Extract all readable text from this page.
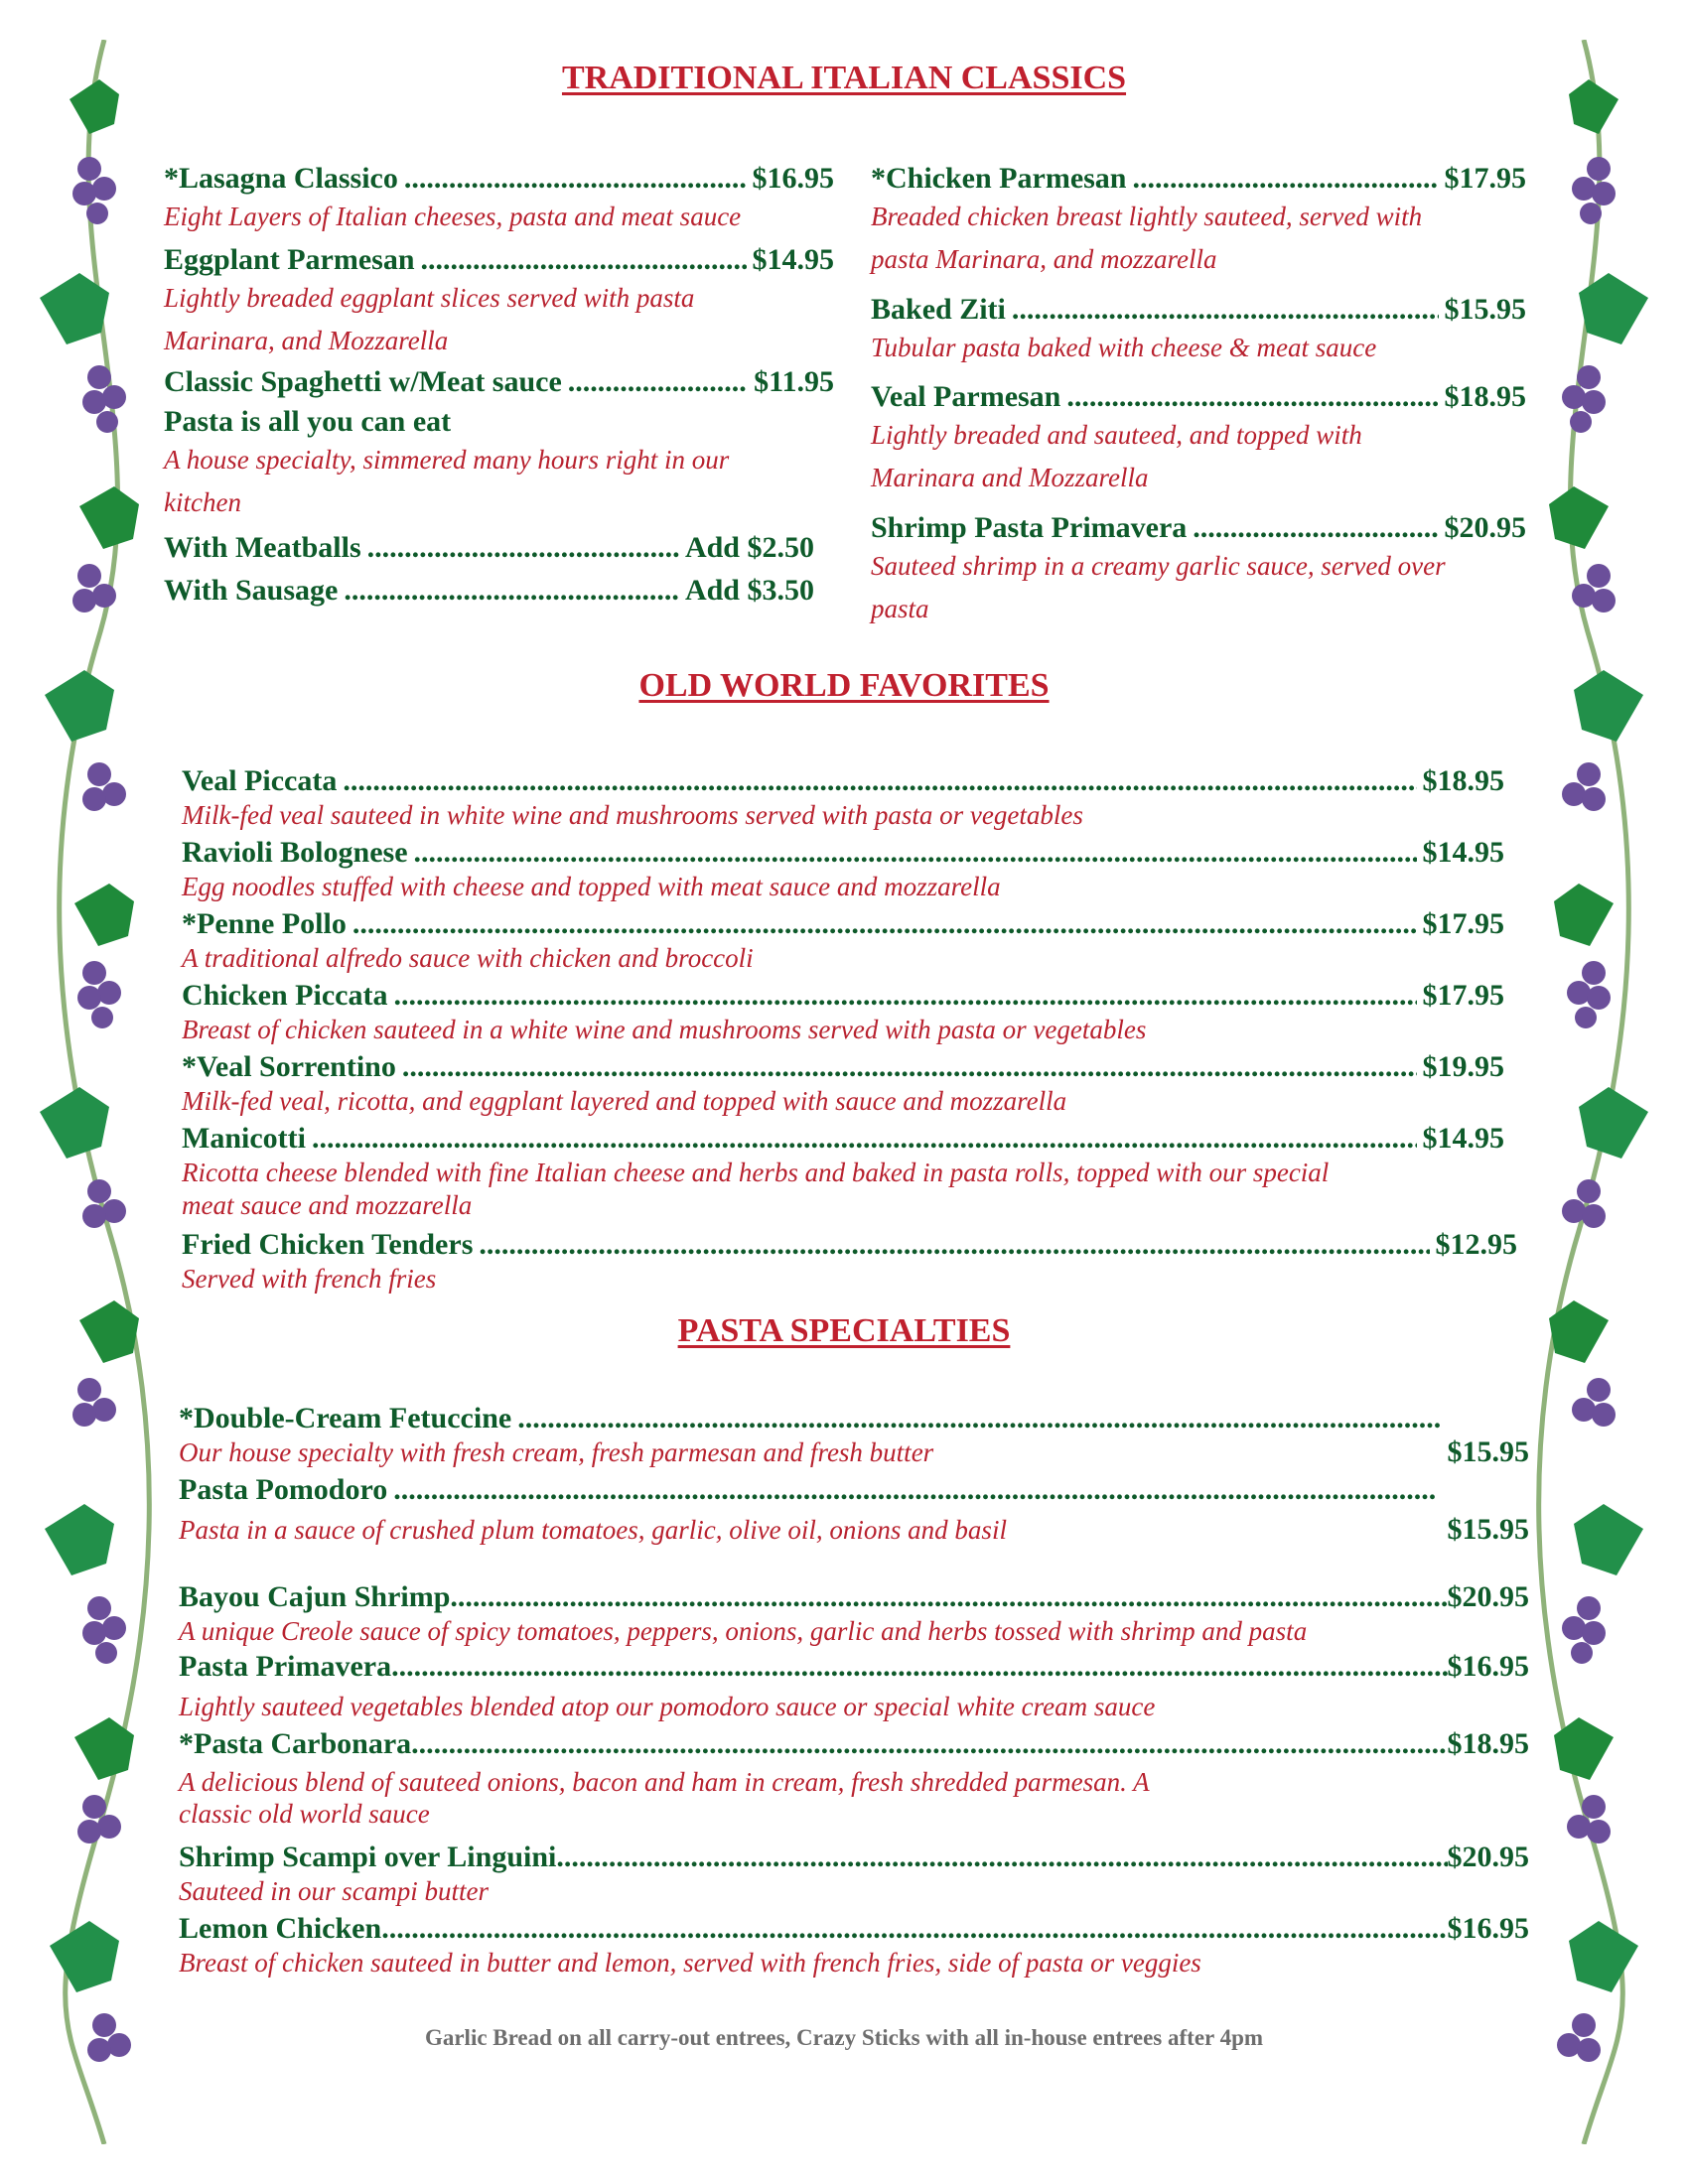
TRADITIONAL ITALIAN CLASSICS
OLD WORLD FAVORITES
PASTA SPECIALTIES
*Lasagna Classico .....	$16.95
Eight Layers of Italian cheeses, pasta and meat sauce
Eggplant Parmesan .....	$14.95
Lightly breaded eggplant slices served with pasta
Marinara, and Mozzarella
Classic Spaghetti w/Meat sauce .....	$11.95
Pasta is all you can eat
A house specialty, simmered many hours right in our
kitchen
With Meatballs .....	Add $2.50
With Sausage .....	Add $3.50
*Chicken Parmesan .....	$17.95
Breaded chicken breast lightly sauteed, served with
pasta Marinara, and mozzarella
Baked Ziti .....	$15.95
Tubular pasta baked with cheese & meat sauce
Veal Parmesan .....	$18.95
Lightly breaded and sauteed, and topped with
Marinara and Mozzarella
Shrimp Pasta Primavera .....	$20.95
Sauteed shrimp in a creamy garlic sauce, served over
pasta
Veal Piccata .....	$18.95
Milk-fed veal sauteed in white wine and mushrooms served with pasta or vegetables
Ravioli Bolognese .....	$14.95
Egg noodles stuffed with cheese and topped with meat sauce and mozzarella
*Penne Pollo .....	$17.95
A traditional alfredo sauce with chicken and broccoli
Chicken Piccata .....	$17.95
Breast of chicken sauteed in a white wine and mushrooms served with pasta or vegetables
*Veal Sorrentino .....	$19.95
Milk-fed veal, ricotta, and eggplant layered and topped with sauce and mozzarella
Manicotti .....	$14.95
Ricotta cheese blended with fine Italian cheese and herbs and baked in pasta rolls, topped with our special
meat sauce and mozzarella
Fried Chicken Tenders .....	$12.95
Served with french fries
*Double-Cream Fetuccine
.....
Our house specialty with fresh cream, fresh parmesan and fresh butter	$15.95
Pasta Pomodoro
.....
Pasta in a sauce of crushed plum tomatoes, garlic, olive oil, onions and basil	$15.95
Bayou Cajun Shrimp .....	$20.95
A unique Creole sauce of spicy tomatoes, peppers, onions, garlic and herbs tossed with shrimp and pasta
Pasta Primavera .....	$16.95
Lightly sauteed vegetables blended atop our pomodoro sauce or special white cream sauce
*Pasta Carbonara .....	$18.95
A delicious blend of sauteed onions, bacon and ham in cream, fresh shredded parmesan. A
classic old world sauce
Shrimp Scampi over Linguini .....	$20.95
Sauteed in our scampi butter
Lemon Chicken .....	$16.95
Breast of chicken sauteed in butter and lemon, served with french fries, side of pasta or veggies
Garlic Bread on all carry-out entrees, Crazy Sticks with all in-house entrees after 4pm
